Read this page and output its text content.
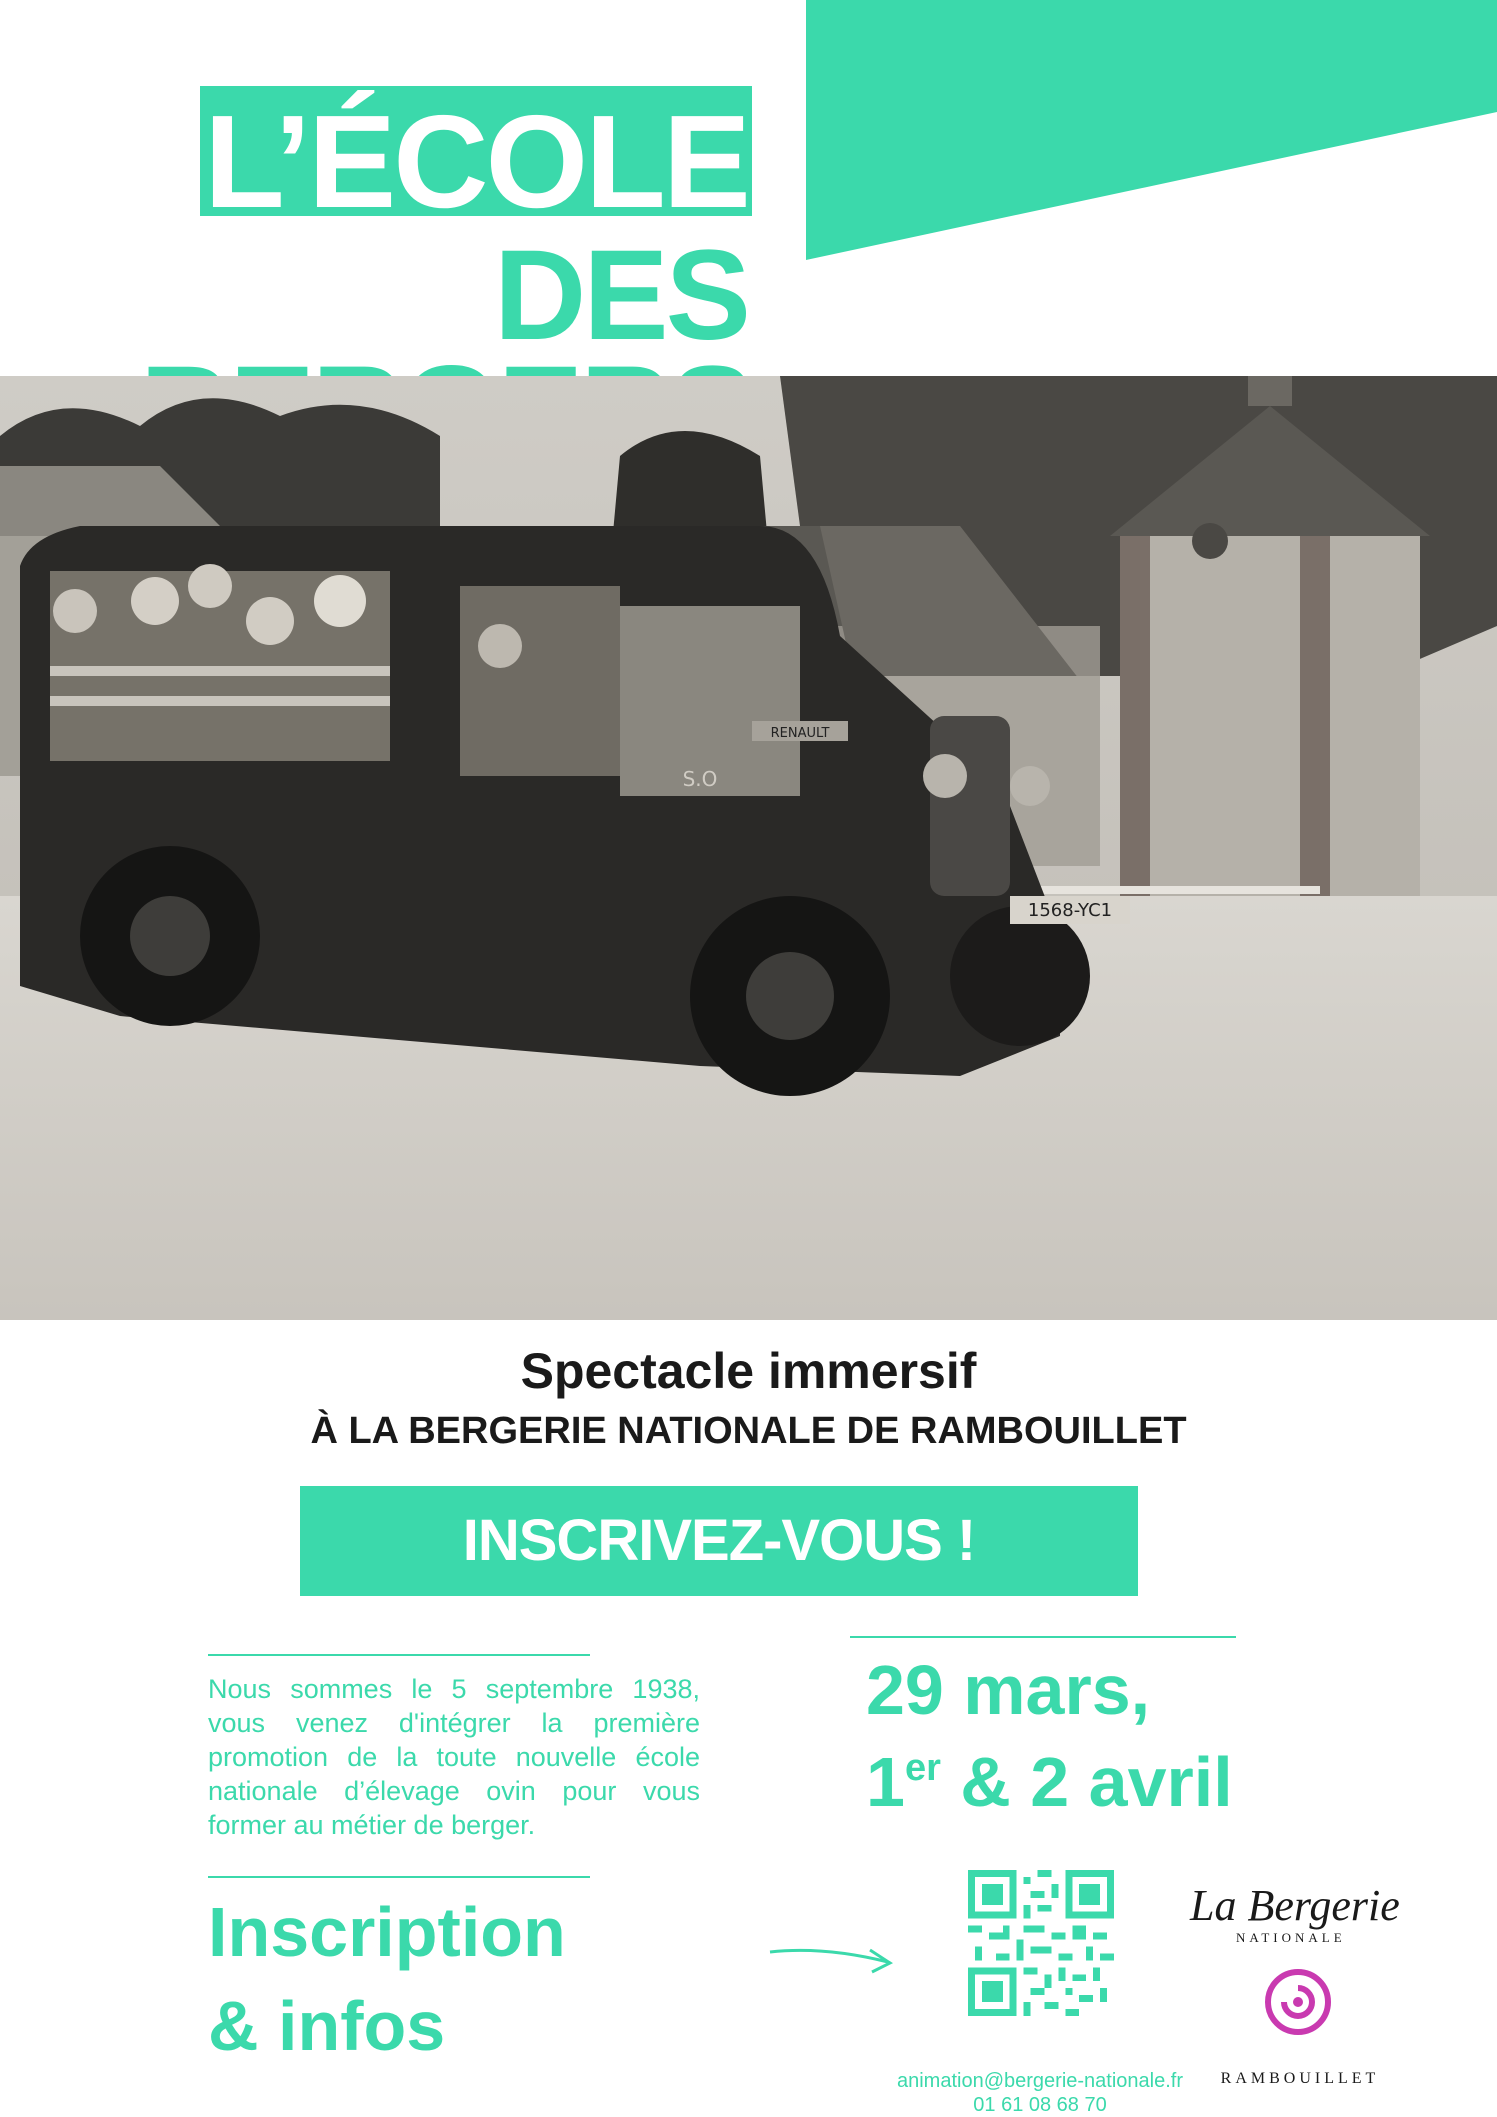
L’ÉCOLE
DES
1568-YC1
RENAULT
S.O
Spectacle immersif
À LA BERGERIE NATIONALE DE RAMBOUILLET
INSCRIVEZ-VOUS !
Nous sommes le 5 septembre 1938, vous venez d'intégrer la première promotion de la toute nouvelle école nationale d’élevage ovin pour vous former au métier de berger.
29 mars,
1er & 2 avril
Inscription
& infos
La Bergerie
NATIONALE
RAMBOUILLET
animation@bergerie-nationale.fr
01 61 08 68 70
